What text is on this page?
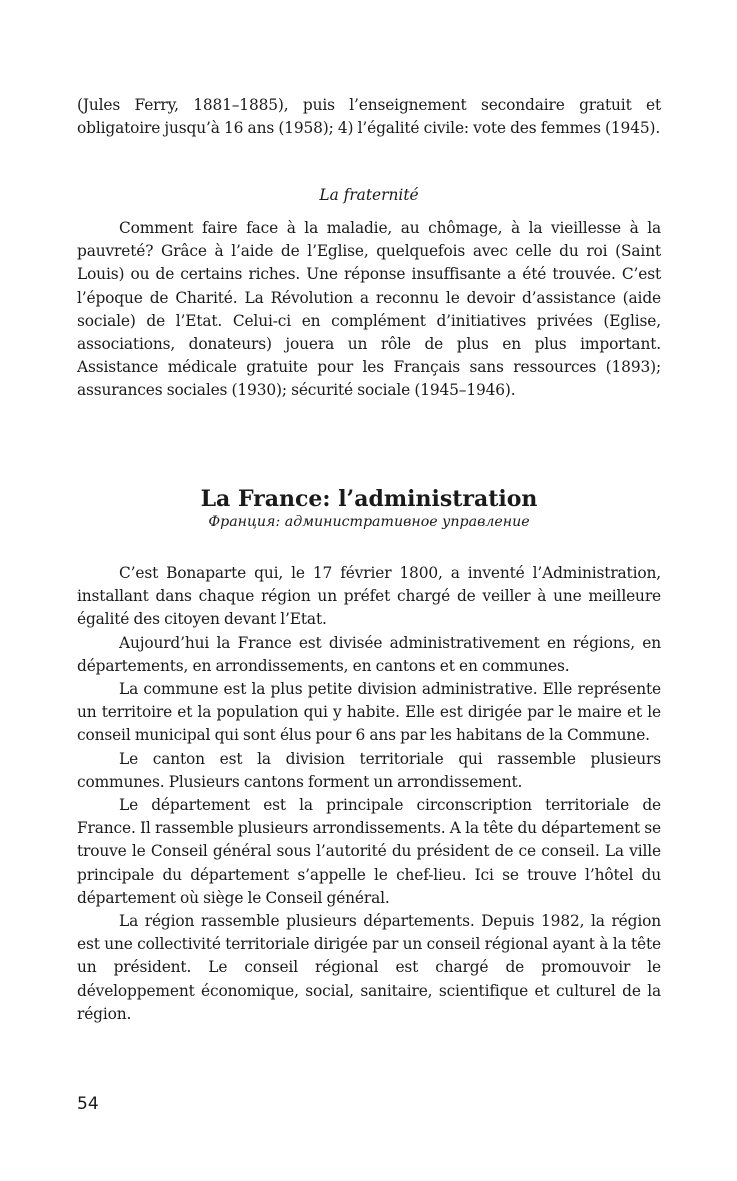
(Jules Ferry, 1881–1885), puis l’enseignement secondaire gratuit et obligatoire jusqu’à 16 ans (1958); 4) l’égalité civile: vote des femmes (1945).

La fraternité

Comment faire face à la maladie, au chômage, à la vieillesse à la pauvreté? Grâce à l’aide de l’Eglise, quelquefois avec celle du roi (Saint Louis) ou de certains riches. Une réponse insuffisante a été trouvée. C’est l’époque de Charité. La Révolution a reconnu le devoir d’assistance (aide sociale) de l’Etat. Celui-ci en complément d’initiatives privées (Eglise, associations, donateurs) jouera un rôle de plus en plus important. Assistance médicale gratuite pour les Français sans ressources (1893); assurances sociales (1930); sécurité sociale (1945–1946).

La France: l’administration

Франция: административное управление

C’est Bonaparte qui, le 17 février 1800, a inventé l’Administration, installant dans chaque région un préfet chargé de veiller à une meilleure égalité des citoyen devant l’Etat.

Aujourd’hui la France est divisée administrativement en régions, en départements, en arrondissements, en cantons et en communes.

La commune est la plus petite division administrative. Elle représente un territoire et la population qui y habite. Elle est dirigée par le maire et le conseil municipal qui sont élus pour 6 ans par les habitans de la Commune.

Le canton est la division territoriale qui rassemble plusieurs communes. Plusieurs cantons forment un arrondissement.

Le département est la principale circonscription territoriale de France. Il rassemble plusieurs arrondissements. A la tête du département se trouve le Conseil général sous l’autorité du président de ce conseil. La ville principale du département s’appelle le chef-lieu. Ici se trouve l’hôtel du département où siège le Conseil général.

La région rassemble plusieurs départements. Depuis 1982, la région est une collectivité territoriale dirigée par un conseil régional ayant à la tête un président. Le conseil régional est chargé de promouvoir le développement économique, social, sanitaire, scientifique et culturel de la région.

54
